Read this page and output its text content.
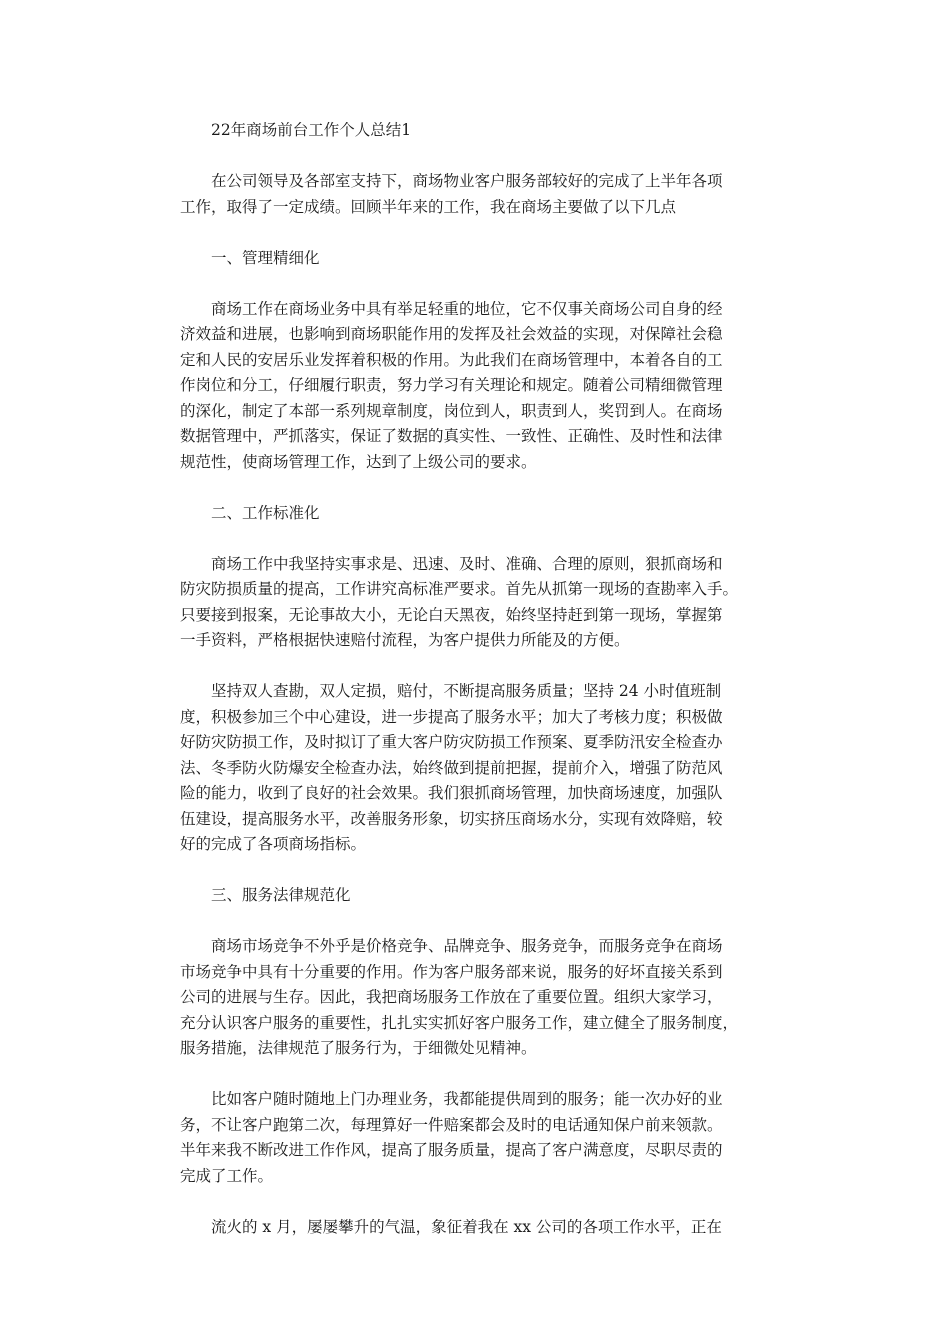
22年商场前台工作个人总结1

在公司领导及各部室支持下，商场物业客户服务部较好的完成了上半年各项

工作，取得了一定成绩。回顾半年来的工作，我在商场主要做了以下几点

一、管理精细化

商场工作在商场业务中具有举足轻重的地位，它不仅事关商场公司自身的经

济效益和进展，也影响到商场职能作用的发挥及社会效益的实现，对保障社会稳

定和人民的安居乐业发挥着积极的作用。为此我们在商场管理中，本着各自的工

作岗位和分工，仔细履行职责，努力学习有关理论和规定。随着公司精细微管理

的深化，制定了本部一系列规章制度，岗位到人，职责到人，奖罚到人。在商场

数据管理中，严抓落实，保证了数据的真实性、一致性、正确性、及时性和法律

规范性，使商场管理工作，达到了上级公司的要求。

二、工作标准化

商场工作中我坚持实事求是、迅速、及时、准确、合理的原则，狠抓商场和

防灾防损质量的提高，工作讲究高标准严要求。首先从抓第一现场的查勘率入手。

只要接到报案，无论事故大小，无论白天黑夜，始终坚持赶到第一现场，掌握第

一手资料，严格根据快速赔付流程，为客户提供力所能及的方便。

坚持双人查勘，双人定损，赔付，不断提高服务质量；坚持 24 小时值班制

度，积极参加三个中心建设，进一步提高了服务水平；加大了考核力度；积极做

好防灾防损工作，及时拟订了重大客户防灾防损工作预案、夏季防汛安全检查办

法、冬季防火防爆安全检查办法，始终做到提前把握，提前介入，增强了防范风

险的能力，收到了良好的社会效果。我们狠抓商场管理，加快商场速度，加强队

伍建设，提高服务水平，改善服务形象，切实挤压商场水分，实现有效降赔，较

好的完成了各项商场指标。

三、服务法律规范化

商场市场竞争不外乎是价格竞争、品牌竞争、服务竞争，而服务竞争在商场

市场竞争中具有十分重要的作用。作为客户服务部来说，服务的好坏直接关系到

公司的进展与生存。因此，我把商场服务工作放在了重要位置。组织大家学习，

充分认识客户服务的重要性，扎扎实实抓好客户服务工作，建立健全了服务制度，

服务措施，法律规范了服务行为，于细微处见精神。

比如客户随时随地上门办理业务，我都能提供周到的服务；能一次办好的业

务，不让客户跑第二次，每理算好一件赔案都会及时的电话通知保户前来领款。

半年来我不断改进工作作风，提高了服务质量，提高了客户满意度，尽职尽责的

完成了工作。

流火的 x 月，屡屡攀升的气温，象征着我在 xx 公司的各项工作水平，正在
